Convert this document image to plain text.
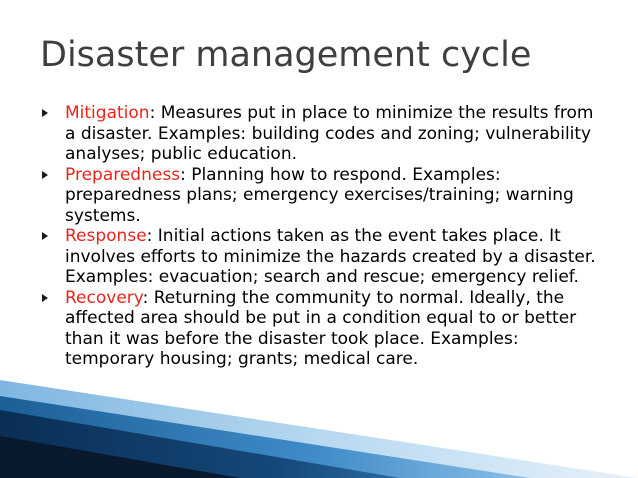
Disaster management cycle
Mitigation: Measures put in place to minimize the results from a disaster. Examples: building codes and zoning; vulnerability analyses; public education.
Preparedness: Planning how to respond. Examples: preparedness plans; emergency exercises/training; warning systems.
Response: Initial actions taken as the event takes place. It involves efforts to minimize the hazards created by a disaster. Examples: evacuation; search and rescue; emergency relief.
Recovery: Returning the community to normal. Ideally, the affected area should be put in a condition equal to or better than it was before the disaster took place. Examples: temporary housing; grants; medical care.
